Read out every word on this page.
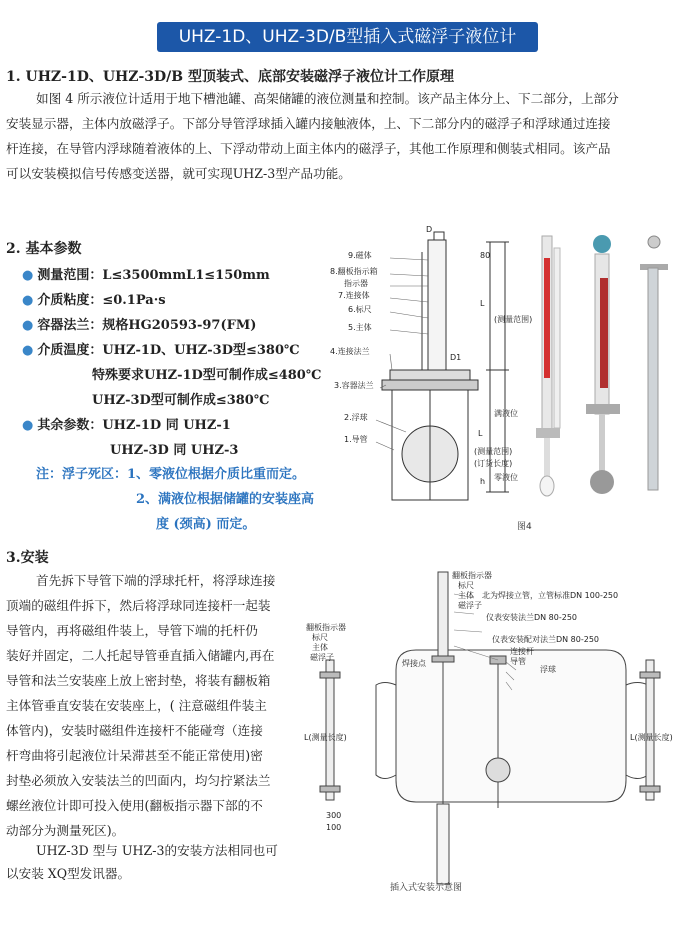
UHZ-1D、UHZ-3D/B型插入式磁浮子液位计
1. UHZ-1D、UHZ-3D/B 型顶装式、底部安装磁浮子液位计工作原理
如图 4 所示液位计适用于地下槽池罐、高架储罐的液位测量和控制。该产品主体分上、下二部分，上部分
安装显示器，主体内放磁浮子。下部分导管浮球插入罐内接触液体，上、下二部分内的磁浮子和浮球通过连接
杆连接，在导管内浮球随着液体的上、下浮动带动上面主体内的磁浮子，其他工作原理和侧装式相同。该产品
可以安装模拟信号传感变送器，就可实现UHZ-3型产品功能。
2. 基本参数
● 测量范围：L≤3500mmL1≤150mm
● 介质粘度：≤0.1Pa·s
● 容器法兰：规格HG20593-97(FM)
● 介质温度：UHZ-1D、UHZ-3D型≤380℃
特殊要求UHZ-1D型可制作成≤480℃
UHZ-3D型可制作成≤380℃
● 其余参数：UHZ-1D 同 UHZ-1
UHZ-3D 同 UHZ-3
注：浮子死区：1、零液位根据介质比重而定。
2、满液位根据储罐的安装座高
度 (颈高) 而定。
9.磁体
8.翻板指示箱
指示器
7.连接体
6.标尺
5.主体
4.连接法兰
3.容器法兰
2.浮球
1.导管
D
80
L
(测量范围)
D1
L
(测量范围)
(订货长度)
h
满液位
零液位
图4
3.安装
首先拆下导管下端的浮球托杆，将浮球连接
顶端的磁组件拆下，然后将浮球同连接杆一起装
导管内，再将磁组件装上，导管下端的托杆仍
装好并固定，二人托起导管垂直插入储罐内,再在
导管和法兰安装座上放上密封垫，将装有翻板箱
主体管垂直安装在安装座上，( 注意磁组件装主
体管内)，安装时磁组件连接杆不能碰弯（连接
杆弯曲将引起液位计呆滞甚至不能正常使用)密
封垫必须放入安装法兰的凹面内，均匀拧紧法兰
螺丝液位计即可投入使用(翻板指示器下部的不
动部分为测量死区)。
UHZ-3D 型与 UHZ-3的安装方法相同也可
以安装 XQ型发讯器。
翻板指示器
标尺
主体
磁浮子
翻板指示器
标尺
主体
磁浮子
焊接点
北为焊接立管，立管标准DN 100-250
仪表安装法兰DN 80-250
仪表安装配对法兰DN 80-250
连接杆
导管
浮球
L(测量长度)	L(测量长度)
300
100
插入式安装示意图
